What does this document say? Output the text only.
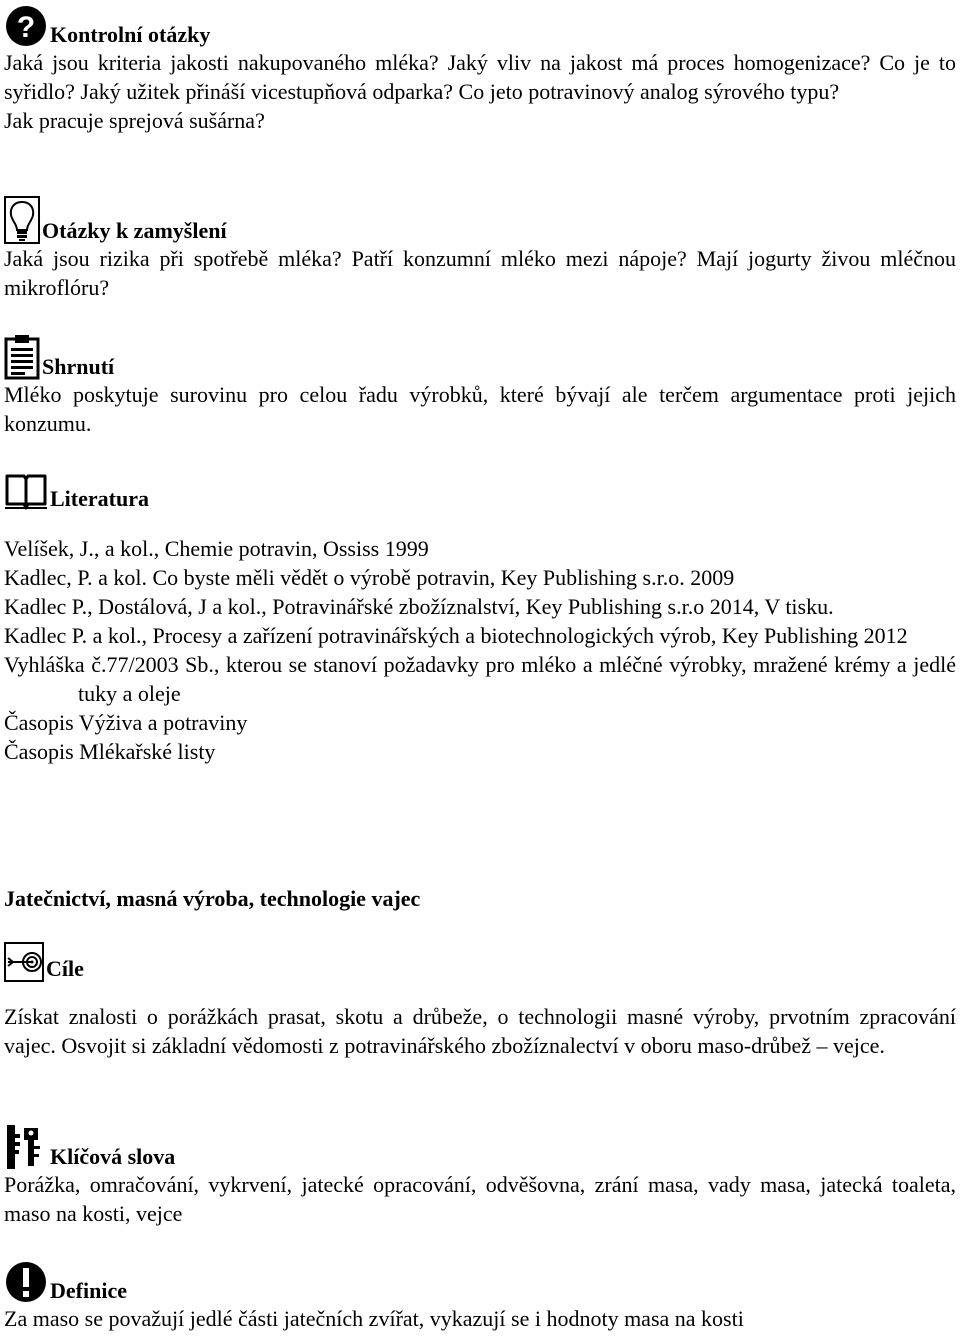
? Kontrolní otázky
Jaká jsou kriteria jakosti nakupovaného mléka? Jaký vliv na jakost má proces homogenizace? Co je to syřidlo? Jaký užitek přináší vicestupňová odparka? Co jeto potravinový analog sýrového typu?
Jak pracuje sprejová sušárna?
Otázky k zamyšlení
Jaká jsou rizika při spotřebě mléka? Patří konzumní mléko mezi nápoje? Mají jogurty živou mléčnou mikroflóru?
Shrnutí
Mléko poskytuje surovinu pro celou řadu výrobků, které bývají ale terčem argumentace proti jejich konzumu.
Literatura
Velíšek, J., a kol., Chemie potravin, Ossiss 1999
Kadlec, P. a kol. Co byste měli vědět o výrobě potravin, Key Publishing s.r.o. 2009
Kadlec P., Dostálová, J a kol., Potravinářské zbožíznalství, Key Publishing s.r.o 2014, V tisku.
Kadlec P. a kol., Procesy a zařízení potravinářských a biotechnologických výrob, Key Publishing 2012
Vyhláška č.77/2003 Sb., kterou se stanoví požadavky pro mléko a mléčné výrobky, mražené krémy a jedlé tuky a oleje
Časopis Výživa a potraviny
Časopis Mlékařské listy
Jatečnictví, masná výroba, technologie vajec
Cíle
Získat znalosti o porážkách prasat, skotu a drůbeže, o technologii masné výroby, prvotním zpracování vajec. Osvojit si základní vědomosti z potravinářského zbožíznalectví v oboru maso-drůbež – vejce.
Klíčová slova
Porážka, omračování, vykrvení, jatecké opracování, odvěšovna, zrání masa, vady masa, jatecká toaleta, maso na kosti, vejce
Definice
Za maso se považují jedlé části jatečních zvířat, vykazují se i hodnoty masa na kosti
